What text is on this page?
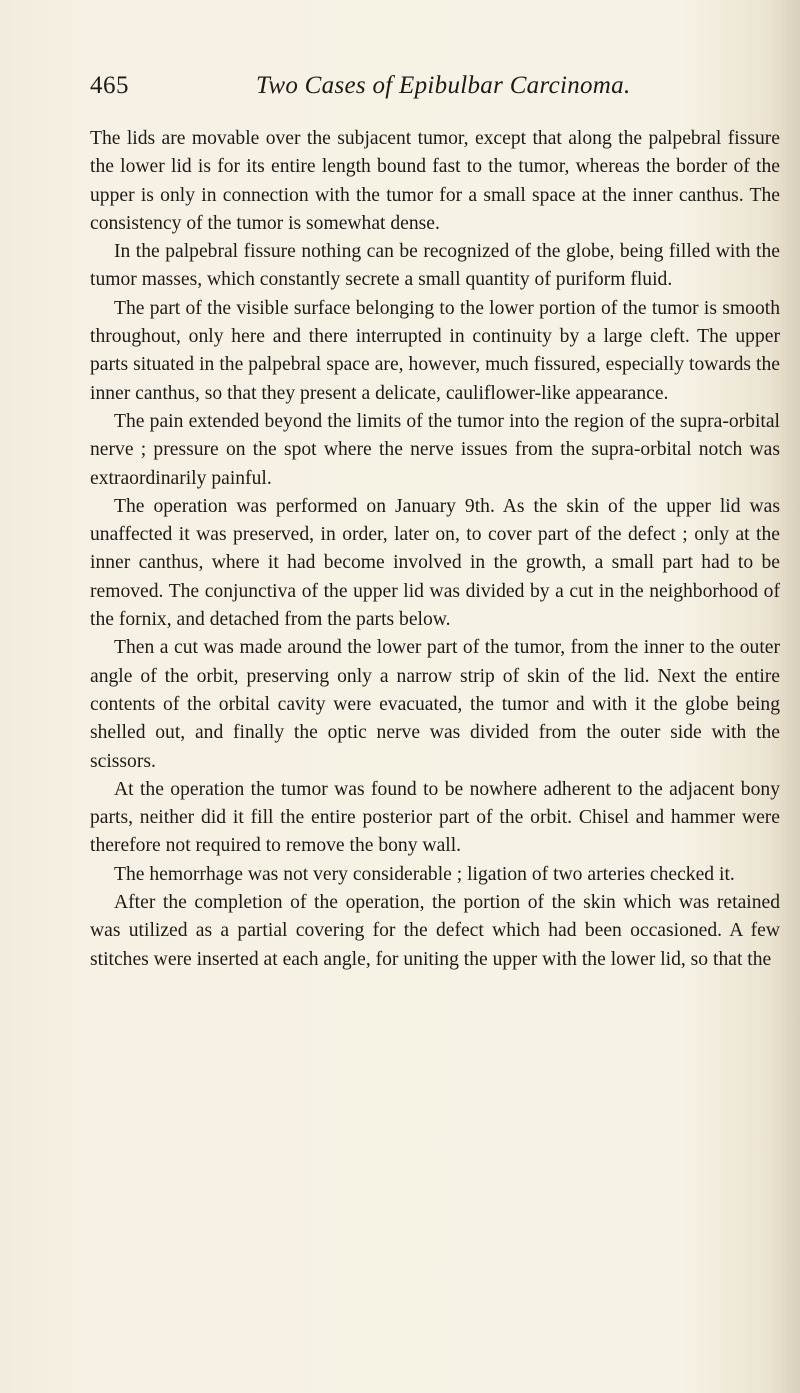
465	Two Cases of Epibulbar Carcinoma.

The lids are movable over the subjacent tumor, except that along the palpebral fissure the lower lid is for its entire length bound fast to the tumor, whereas the border of the upper is only in connection with the tumor for a small space at the inner canthus. The consistency of the tumor is somewhat dense.

In the palpebral fissure nothing can be recognized of the globe, being filled with the tumor masses, which constantly secrete a small quantity of puriform fluid.

The part of the visible surface belonging to the lower portion of the tumor is smooth throughout, only here and there interrupted in continuity by a large cleft. The upper parts situated in the palpebral space are, however, much fissured, especially towards the inner canthus, so that they present a delicate, cauliflower-like appearance.

The pain extended beyond the limits of the tumor into the region of the supra-orbital nerve ; pressure on the spot where the nerve issues from the supra-orbital notch was extraordinarily painful.

The operation was performed on January 9th. As the skin of the upper lid was unaffected it was preserved, in order, later on, to cover part of the defect ; only at the inner canthus, where it had become involved in the growth, a small part had to be removed. The conjunctiva of the upper lid was divided by a cut in the neighborhood of the fornix, and detached from the parts below.

Then a cut was made around the lower part of the tumor, from the inner to the outer angle of the orbit, preserving only a narrow strip of skin of the lid. Next the entire contents of the orbital cavity were evacuated, the tumor and with it the globe being shelled out, and finally the optic nerve was divided from the outer side with the scissors.

At the operation the tumor was found to be nowhere adherent to the adjacent bony parts, neither did it fill the entire posterior part of the orbit. Chisel and hammer were therefore not required to remove the bony wall.

The hemorrhage was not very considerable ; ligation of two arteries checked it.

After the completion of the operation, the portion of the skin which was retained was utilized as a partial covering for the defect which had been occasioned. A few stitches were inserted at each angle, for uniting the upper with the lower lid, so that the
